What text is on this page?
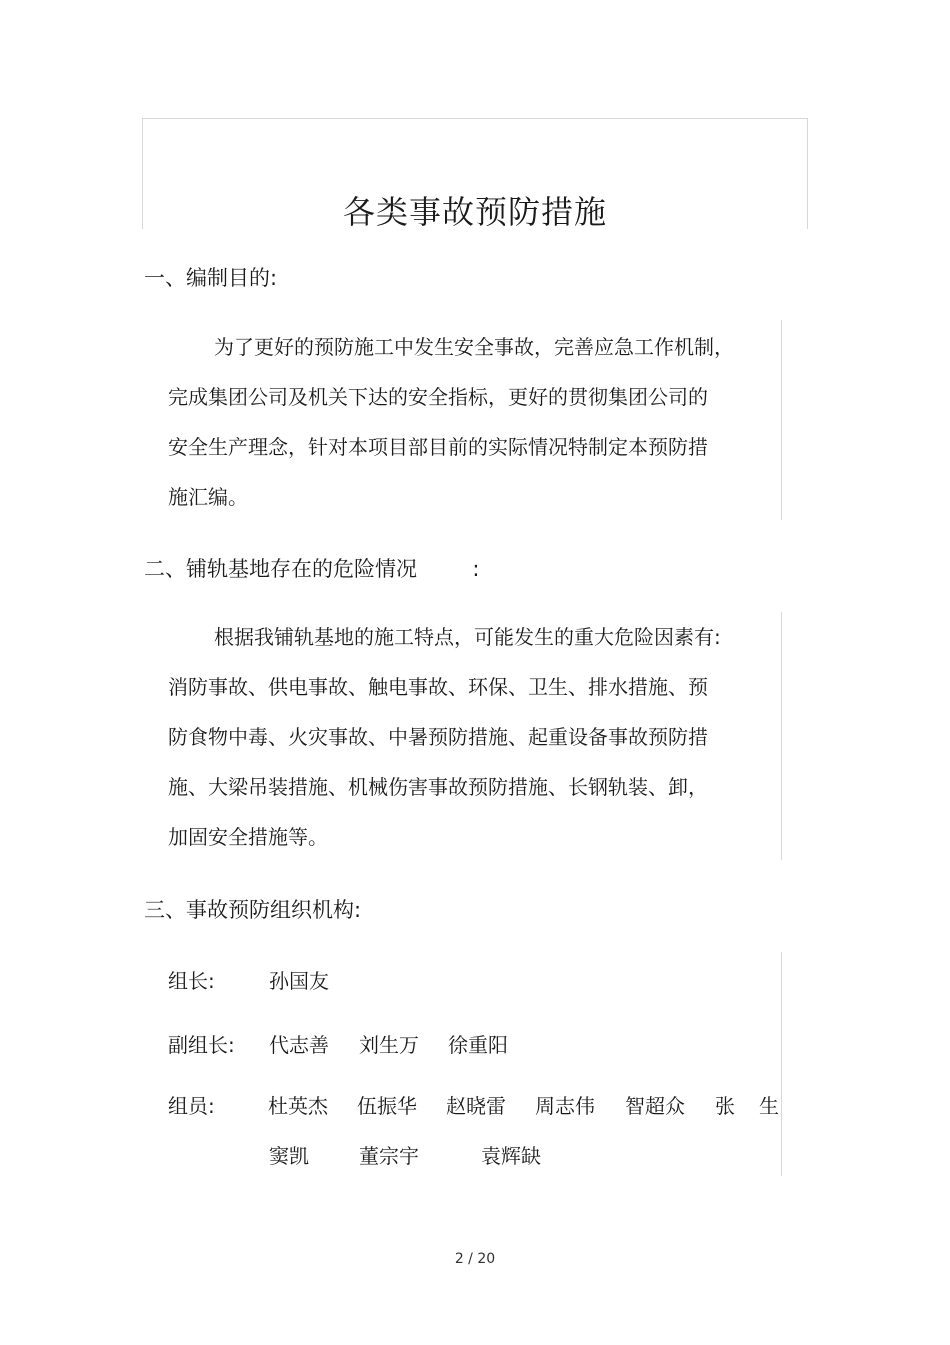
各类事故预防措施
一、编制目的:
为了更好的预防施工中发生安全事故，完善应急工作机制，
完成集团公司及机关下达的安全指标，更好的贯彻集团公司的
安全生产理念，针对本项目部目前的实际情况特制定本预防措
施汇编。
二、铺轨基地存在的危险情况	:
根据我铺轨基地的施工特点，可能发生的重大危险因素有:
消防事故、供电事故、触电事故、环保、卫生、排水措施、预
防食物中毒、火灾事故、中暑预防措施、起重设备事故预防措
施、大梁吊装措施、机械伤害事故预防措施、长钢轨装、卸，
加固安全措施等。
三、事故预防组织机构:
组长:	孙国友
副组长: 代志善 刘生万 徐重阳
组员:	杜英杰 伍振华 赵晓雷 周志伟 智超众 张 生
窦凯	董宗宇	袁辉缺
2 / 20
